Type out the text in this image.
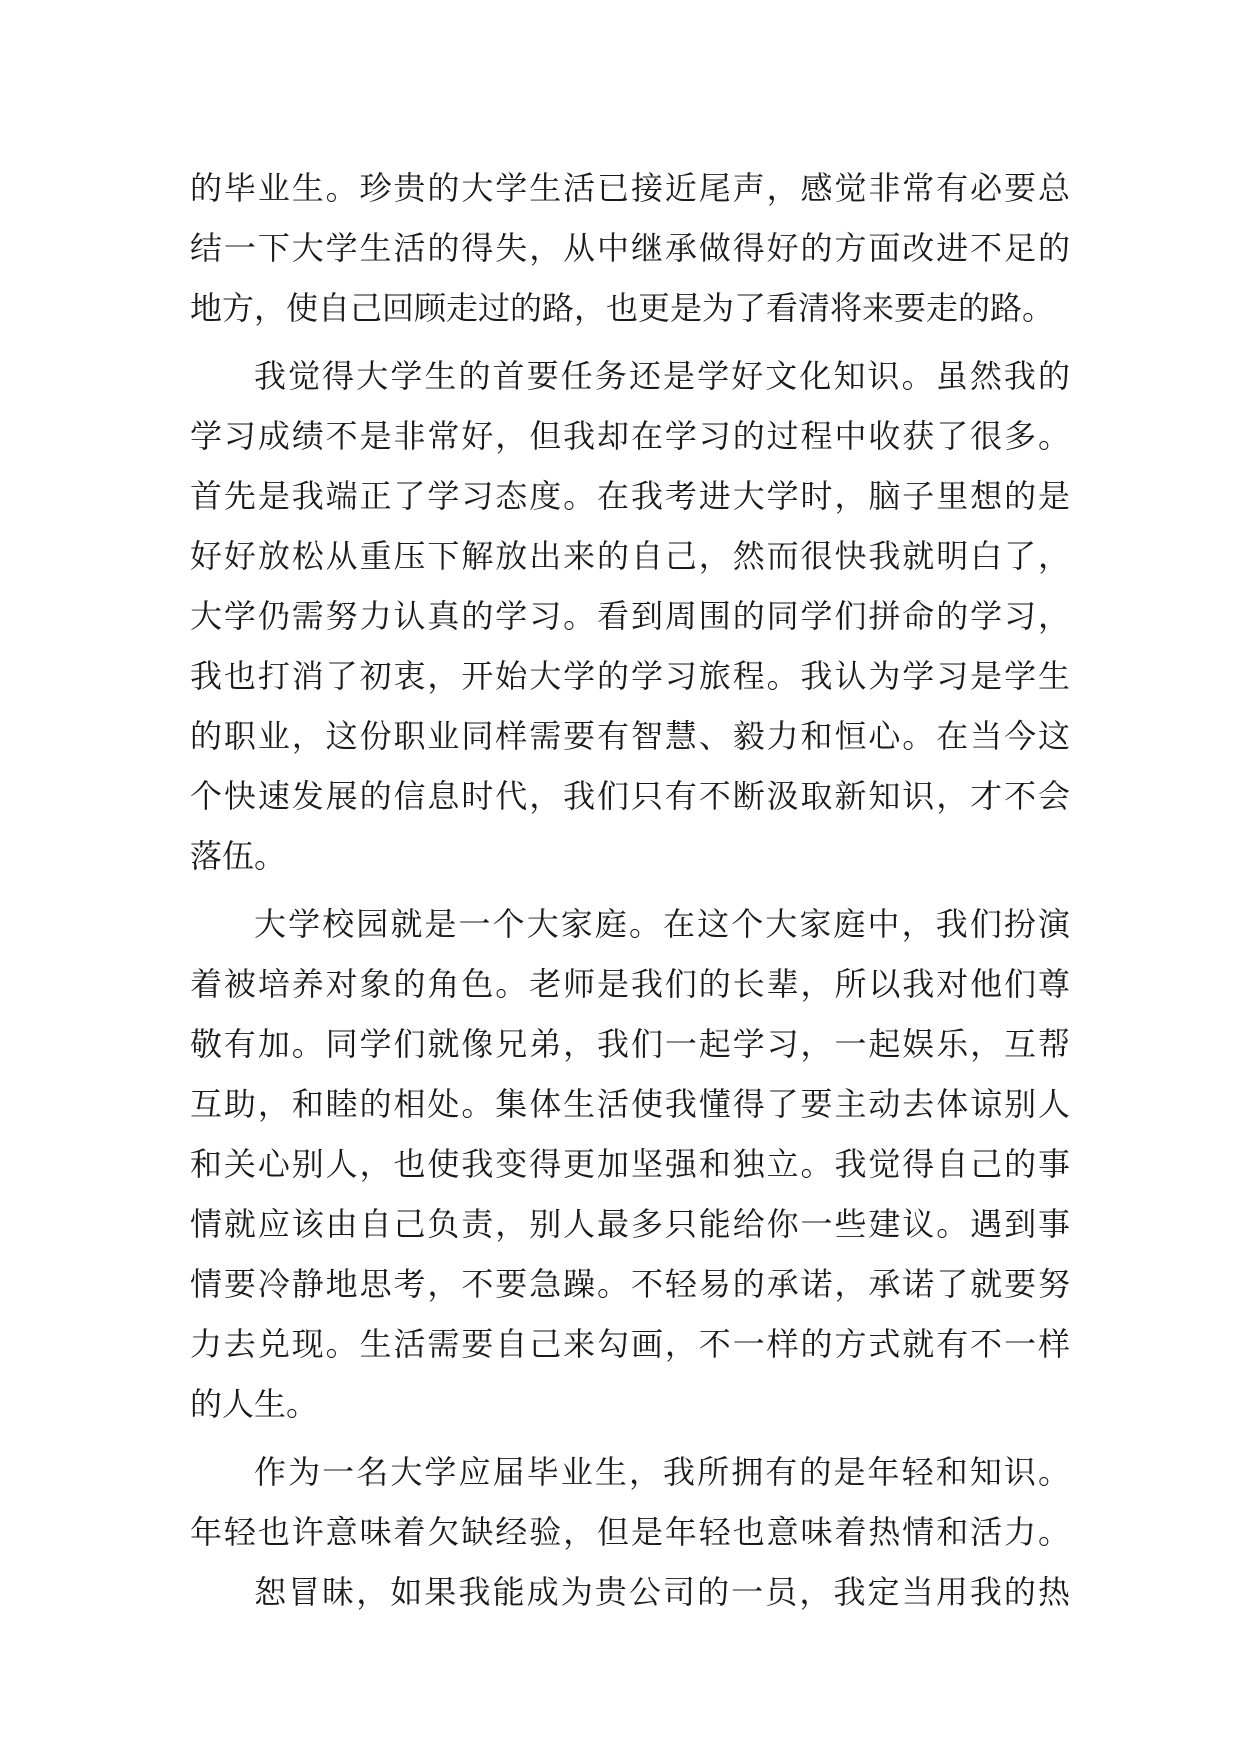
的毕业生。珍贵的大学生活已接近尾声，感觉非常有必要总
结一下大学生活的得失，从中继承做得好的方面改进不足的
地方，使自己回顾走过的路，也更是为了看清将来要走的路。
我觉得大学生的首要任务还是学好文化知识。虽然我的
学习成绩不是非常好，但我却在学习的过程中收获了很多。
首先是我端正了学习态度。在我考进大学时，脑子里想的是
好好放松从重压下解放出来的自己，然而很快我就明白了，
大学仍需努力认真的学习。看到周围的同学们拼命的学习，
我也打消了初衷，开始大学的学习旅程。我认为学习是学生
的职业，这份职业同样需要有智慧、毅力和恒心。在当今这
个快速发展的信息时代，我们只有不断汲取新知识，才不会
落伍。
大学校园就是一个大家庭。在这个大家庭中，我们扮演
着被培养对象的角色。老师是我们的长辈，所以我对他们尊
敬有加。同学们就像兄弟，我们一起学习，一起娱乐，互帮
互助，和睦的相处。集体生活使我懂得了要主动去体谅别人
和关心别人，也使我变得更加坚强和独立。我觉得自己的事
情就应该由自己负责，别人最多只能给你一些建议。遇到事
情要冷静地思考，不要急躁。不轻易的承诺，承诺了就要努
力去兑现。生活需要自己来勾画，不一样的方式就有不一样
的人生。
作为一名大学应届毕业生，我所拥有的是年轻和知识。
年轻也许意味着欠缺经验，但是年轻也意味着热情和活力。
恕冒昧，如果我能成为贵公司的一员，我定当用我的热
